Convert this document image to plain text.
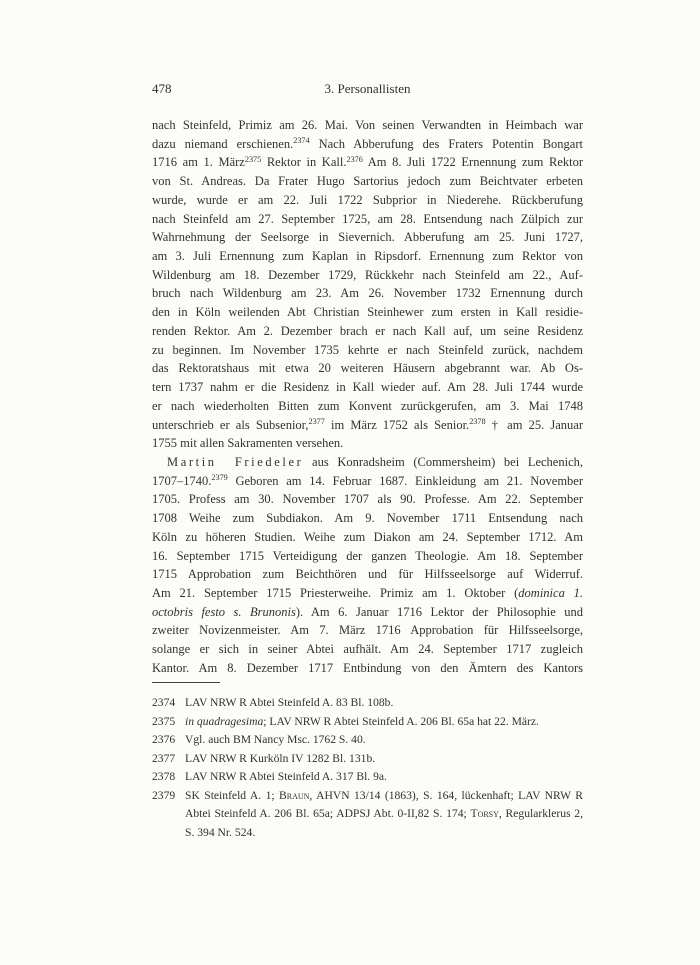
478	3. Personallisten
nach Steinfeld, Primiz am 26. Mai. Von seinen Verwandten in Heimbach war
dazu niemand erschienen.$^{2374}$ Nach Abberufung des Fraters Potentin Bongart
1716 am 1. März$^{2375}$ Rektor in Kall.$^{2376}$ Am 8. Juli 1722 Ernennung zum Rektor
von St. Andreas. Da Frater Hugo Sartorius jedoch zum Beichtvater erbeten
wurde, wurde er am 22. Juli 1722 Subprior in Niederehe. Rückberufung
nach Steinfeld am 27. September 1725, am 28. Entsendung nach Zülpich zur
Wahrnehmung der Seelsorge in Sievernich. Abberufung am 25. Juni 1727,
am 3. Juli Ernennung zum Kaplan in Ripsdorf. Ernennung zum Rektor von
Wildenburg am 18. Dezember 1729, Rückkehr nach Steinfeld am 22., Auf-
bruch nach Wildenburg am 23. Am 26. November 1732 Ernennung durch
den in Köln weilenden Abt Christian Steinhewer zum ersten in Kall residie-
renden Rektor. Am 2. Dezember brach er nach Kall auf, um seine Residenz
zu beginnen. Im November 1735 kehrte er nach Steinfeld zurück, nachdem
das Rektoratshaus mit etwa 20 weiteren Häusern abgebrannt war. Ab Os-
tern 1737 nahm er die Residenz in Kall wieder auf. Am 28. Juli 1744 wurde
er nach wiederholten Bitten zum Konvent zurückgerufen, am 3. Mai 1748
unterschrieb er als Subsenior,$^{2377}$ im März 1752 als Senior.$^{2378}$ † am 25. Januar
1755 mit allen Sakramenten versehen.
Martin Friedeler aus Konradsheim (Commersheim) bei Lechenich,
1707–1740.$^{2379}$ Geboren am 14. Februar 1687. Einkleidung am 21. November
1705. Profess am 30. November 1707 als 90. Professe. Am 22. September
1708 Weihe zum Subdiakon. Am 9. November 1711 Entsendung nach
Köln zu höheren Studien. Weihe zum Diakon am 24. September 1712. Am
16. September 1715 Verteidigung der ganzen Theologie. Am 18. September
1715 Approbation zum Beichthören und für Hilfsseelsorge auf Widerruf.
Am 21. September 1715 Priesterweihe. Primiz am 1. Oktober (dominica 1.
octobris festo s. Brunonis). Am 6. Januar 1716 Lektor der Philosophie und
zweiter Novizenmeister. Am 7. März 1716 Approbation für Hilfsseelsorge,
solange er sich in seiner Abtei aufhält. Am 24. September 1717 zugleich
Kantor. Am 8. Dezember 1717 Entbindung von den Ämtern des Kantors
2374 LAV NRW R Abtei Steinfeld A. 83 Bl. 108b.
2375 in quadragesima; LAV NRW R Abtei Steinfeld A. 206 Bl. 65a hat 22. März.
2376 Vgl. auch BM Nancy Msc. 1762 S. 40.
2377 LAV NRW R Kurköln IV 1282 Bl. 131b.
2378 LAV NRW R Abtei Steinfeld A. 317 Bl. 9a.
2379 SK Steinfeld A. 1; Braun, AHVN 13/14 (1863), S. 164, lückenhaft; LAV NRW R Abtei Steinfeld A. 206 Bl. 65a; ADPSJ Abt. 0-II,82 S. 174; Torsy, Regularklerus 2, S. 394 Nr. 524.
